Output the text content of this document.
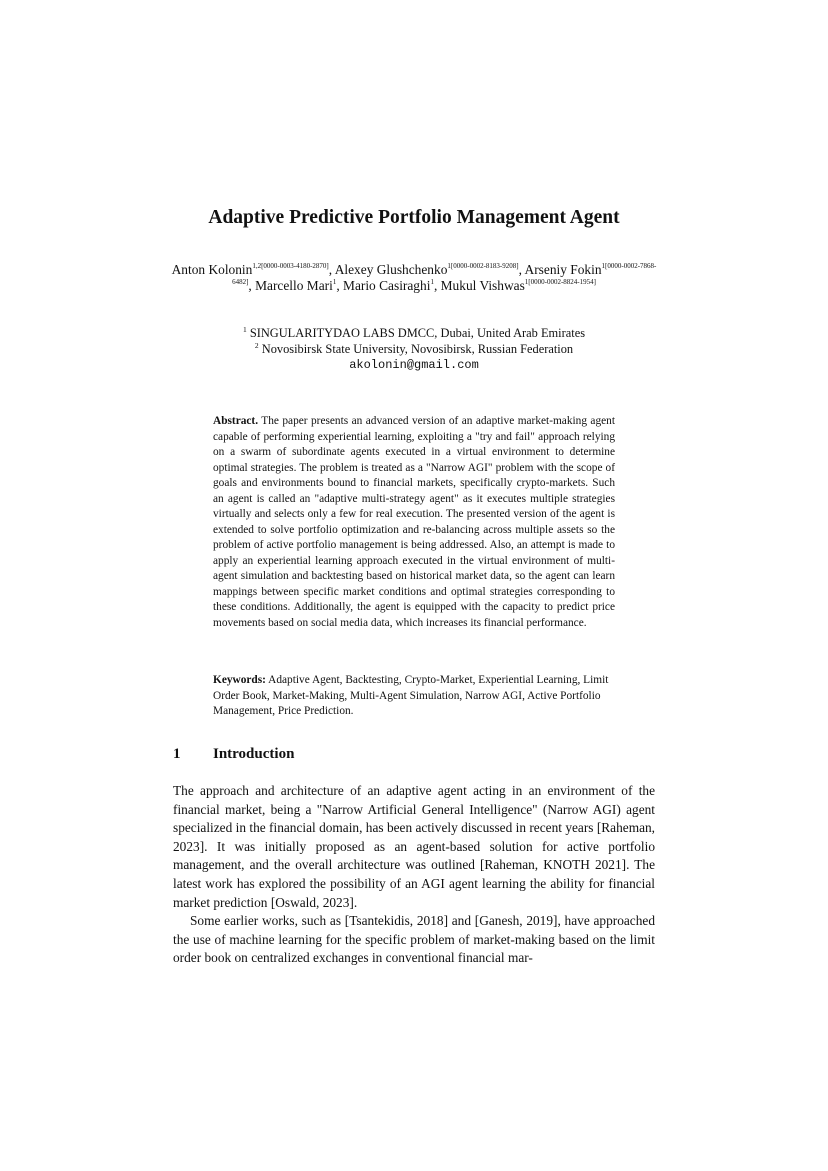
Adaptive Predictive Portfolio Management Agent
Anton Kolonin$^{1,2[0000-0003-4180-2870]}$, Alexey Glushchenko$^{1[0000-0002-8183-9208]}$, Arseniy Fokin$^{1[0000-0002-7868-6482]}$, Marcello Mari$^1$, Mario Casiraghi$^1$, Mukul Vishwas$^{1[0000-0002-8824-1954]}$
$^1$ SINGULARITYDAO LABS DMCC, Dubai, United Arab Emirates
$^2$ Novosibirsk State University, Novosibirsk, Russian Federation
akolonin@gmail.com
Abstract. The paper presents an advanced version of an adaptive market-making agent capable of performing experiential learning, exploiting a "try and fail" approach relying on a swarm of subordinate agents executed in a virtual environment to determine optimal strategies. The problem is treated as a "Narrow AGI" problem with the scope of goals and environments bound to financial markets, specifically crypto-markets. Such an agent is called an "adaptive multi-strategy agent" as it executes multiple strategies virtually and selects only a few for real execution. The presented version of the agent is extended to solve portfolio optimization and re-balancing across multiple assets so the problem of active portfolio management is being addressed. Also, an attempt is made to apply an experiential learning approach executed in the virtual environment of multi-agent simulation and backtesting based on historical market data, so the agent can learn mappings between specific market conditions and optimal strategies corresponding to these conditions. Additionally, the agent is equipped with the capacity to predict price movements based on social media data, which increases its financial performance.
Keywords: Adaptive Agent, Backtesting, Crypto-Market, Experiential Learning, Limit Order Book, Market-Making, Multi-Agent Simulation, Narrow AGI, Active Portfolio Management, Price Prediction.
1 Introduction

The approach and architecture of an adaptive agent acting in an environment of the financial market, being a "Narrow Artificial General Intelligence" (Narrow AGI) agent specialized in the financial domain, has been actively discussed in recent years [Raheman, 2023]. It was initially proposed as an agent-based solution for active portfolio management, and the overall architecture was outlined [Raheman, KNOTH 2021]. The latest work has explored the possibility of an AGI agent learning the ability for financial market prediction [Oswald, 2023].

Some earlier works, such as [Tsantekidis, 2018] and [Ganesh, 2019], have approached the use of machine learning for the specific problem of market-making based on the limit order book on centralized exchanges in conventional financial mar-
